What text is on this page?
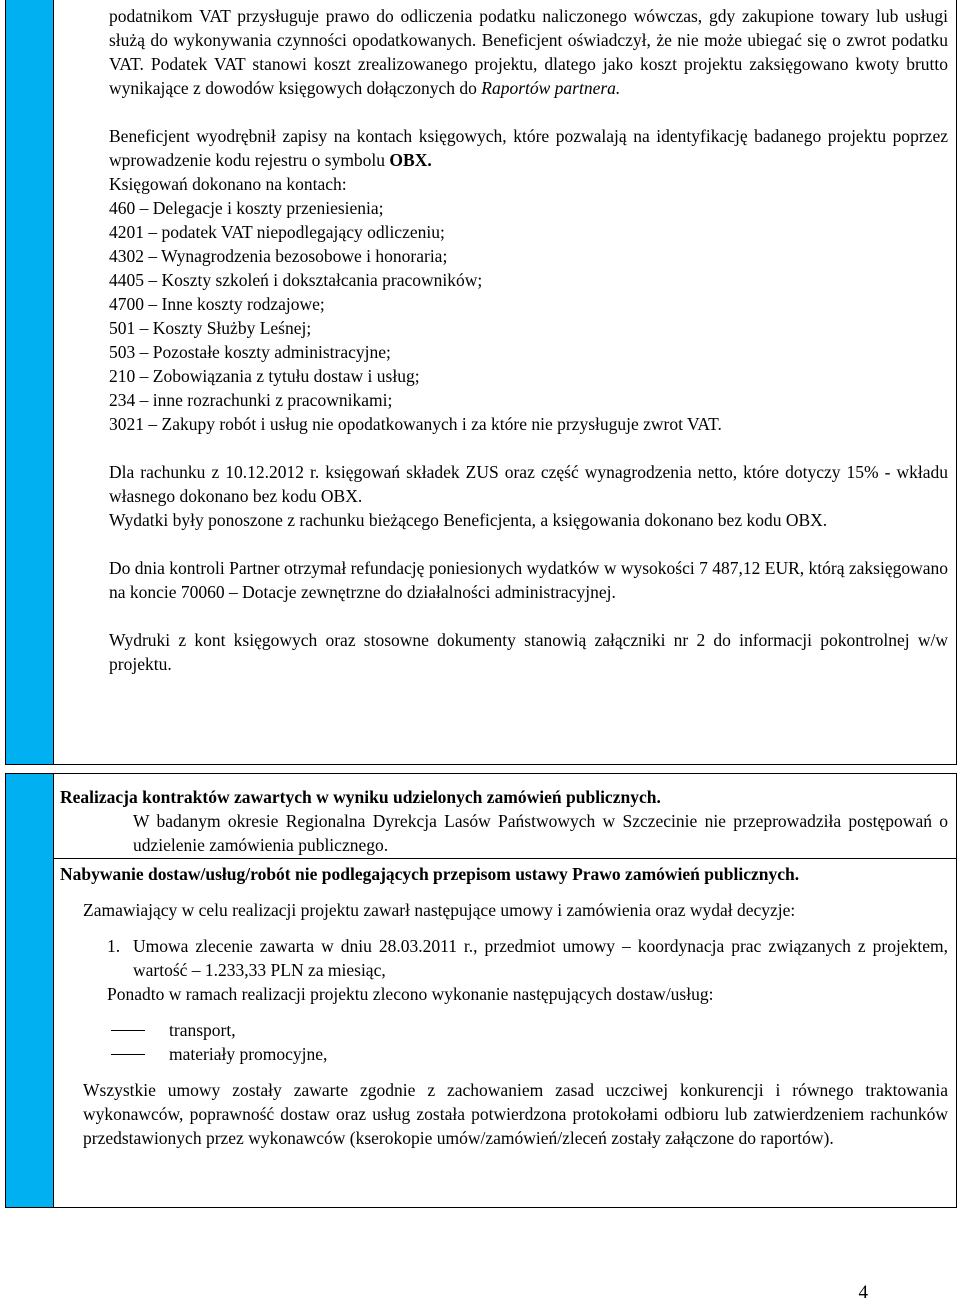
podatnikom VAT przysługuje prawo do odliczenia podatku naliczonego wówczas, gdy zakupione towary lub usługi służą do wykonywania czynności opodatkowanych. Beneficjent oświadczył, że nie może ubiegać się o zwrot podatku VAT. Podatek VAT stanowi koszt zrealizowanego projektu, dlatego jako koszt projektu zaksięgowano kwoty brutto wynikające z dowodów księgowych dołączonych do Raportów partnera.

Beneficjent wyodrębnił zapisy na kontach księgowych, które pozwalają na identyfikację badanego projektu poprzez wprowadzenie kodu rejestru o symbolu OBX.

Księgowań dokonano na kontach:

460 – Delegacje i koszty przeniesienia;

4201 – podatek VAT niepodlegający odliczeniu;

4302 – Wynagrodzenia bezosobowe i honoraria;

4405 – Koszty szkoleń i dokształcania pracowników;

4700 – Inne koszty rodzajowe;

501 – Koszty Służby Leśnej;

503 – Pozostałe koszty administracyjne;

210 – Zobowiązania z tytułu dostaw i usług;

234 – inne rozrachunki z pracownikami;

3021 – Zakupy robót i usług nie opodatkowanych i za które nie przysługuje zwrot VAT.

Dla rachunku z 10.12.2012 r. księgowań składek ZUS oraz część wynagrodzenia netto, które dotyczy 15% - wkładu własnego dokonano bez kodu OBX.

Wydatki były ponoszone z rachunku bieżącego Beneficjenta, a księgowania dokonano bez kodu OBX.

Do dnia kontroli Partner otrzymał refundację poniesionych wydatków w wysokości 7 487,12 EUR, którą zaksięgowano na koncie 70060 – Dotacje zewnętrzne do działalności administracyjnej.

Wydruki z kont księgowych oraz stosowne dokumenty stanowią załączniki nr 2 do informacji pokontrolnej w/w projektu.

Realizacja kontraktów zawartych w wyniku udzielonych zamówień publicznych.

W badanym okresie Regionalna Dyrekcja Lasów Państwowych w Szczecinie nie przeprowadziła postępowań o udzielenie zamówienia publicznego.

Nabywanie dostaw/usług/robót nie podlegających przepisom ustawy Prawo zamówień publicznych.

Zamawiający w celu realizacji projektu zawarł następujące umowy i zamówienia oraz wydał decyzje:

1. Umowa zlecenie zawarta w dniu 28.03.2011 r., przedmiot umowy – koordynacja prac związanych z projektem, wartość – 1.233,33 PLN za miesiąc,

Ponadto w ramach realizacji projektu zlecono wykonanie następujących dostaw/usług:

transport,

materiały promocyjne,

Wszystkie umowy zostały zawarte zgodnie z zachowaniem zasad uczciwej konkurencji i równego traktowania wykonawców, poprawność dostaw oraz usług została potwierdzona protokołami odbioru lub zatwierdzeniem rachunków przedstawionych przez wykonawców (kserokopie umów/zamówień/zleceń zostały załączone do raportów).

4
